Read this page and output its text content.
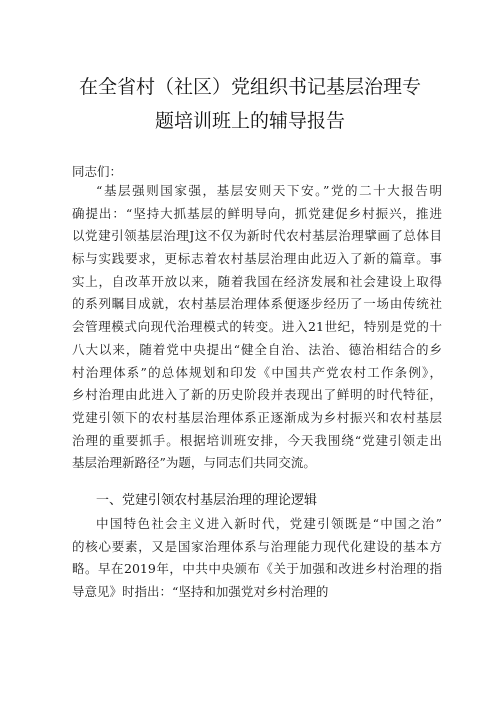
在全省村（社区）党组织书记基层治理专
题培训班上的辅导报告

同志们：

“基层强则国家强，基层安则天下安。”党的二十大报告明
确提出：“坚持大抓基层的鲜明导向，抓党建促乡村振兴，推进
以党建引领基层治理J这不仅为新时代农村基层治理擘画了总体目
标与实践要求，更标志着农村基层治理由此迈入了新的篇章。事
实上，自改革开放以来，随着我国在经济发展和社会建设上取得
的系列瞩目成就，农村基层治理体系便逐步经历了一场由传统社
会管理模式向现代治理模式的转变。进入21世纪，特别是党的十
八大以来，随着党中央提出“健全自治、法治、德治相结合的乡
村治理体系”的总体规划和印发《中国共产党农村工作条例》，
乡村治理由此进入了新的历史阶段并表现出了鲜明的时代特征，
党建引领下的农村基层治理体系正逐渐成为乡村振兴和农村基层
治理的重要抓手。根据培训班安排，今天我围绕“党建引领走出
基层治理新路径”为题，与同志们共同交流。
一、党建引领农村基层治理的理论逻辑
中国特色社会主义进入新时代，党建引领既是“中国之治”
的核心要素，又是国家治理体系与治理能力现代化建设的基本方
略。早在2019年，中共中央颁布《关于加强和改进乡村治理的指
导意见》时指出：“坚持和加强党对乡村治理的
